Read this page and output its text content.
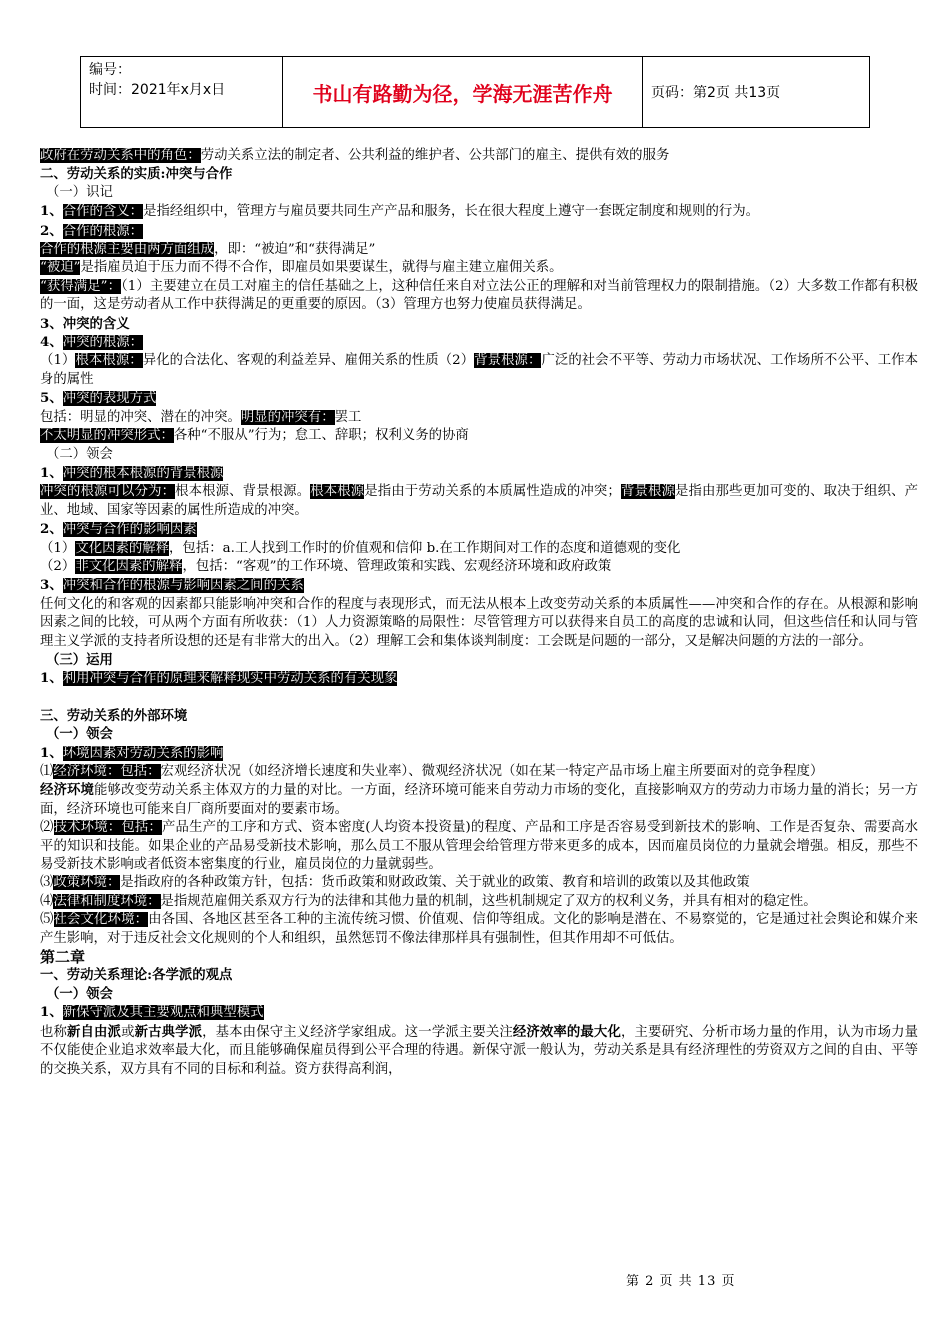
编号：
时间：2021年x月x日	书山有路勤为径，学海无涯苦作舟	页码：第2页 共13页

政府在劳动关系中的角色：劳动关系立法的制定者、公共利益的维护者、公共部门的雇主、提供有效的服务

二、劳动关系的实质:冲突与合作

（一）识记

1、合作的含义：是指经组织中，管理方与雇员要共同生产产品和服务，长在很大程度上遵守一套既定制度和规则的行为。

2、合作的根源：

合作的根源主要由两方面组成，即：“被迫”和“获得满足”

“被迫”是指雇员迫于压力而不得不合作，即雇员如果要谋生，就得与雇主建立雇佣关系。

“获得满足”：（1）主要建立在员工对雇主的信任基础之上，这种信任来自对立法公正的理解和对当前管理权力的限制措施。（2）大多数工作都有积极的一面，这是劳动者从工作中获得满足的更重要的原因。（3）管理方也努力使雇员获得满足。

3、冲突的含义

4、冲突的根源：

（1）根本根源：异化的合法化、客观的利益差异、雇佣关系的性质（2）背景根源：广泛的社会不平等、劳动力市场状况、工作场所不公平、工作本身的属性

5、冲突的表现方式

包括：明显的冲突、潜在的冲突。明显的冲突有：罢工

不太明显的冲突形式：各种“不服从”行为；怠工、辞职；权利义务的协商

（二）领会

1、冲突的根本根源的背景根源

冲突的根源可以分为：根本根源、背景根源。根本根源是指由于劳动关系的本质属性造成的冲突；背景根源是指由那些更加可变的、取决于组织、产业、地域、国家等因素的属性所造成的冲突。

2、冲突与合作的影响因素

（1）文化因素的解释，包括：a.工人找到工作时的价值观和信仰 b.在工作期间对工作的态度和道德观的变化

（2）非文化因素的解释，包括：“客观”的工作环境、管理政策和实践、宏观经济环境和政府政策

3、冲突和合作的根源与影响因素之间的关系

任何文化的和客观的因素都只能影响冲突和合作的程度与表现形式，而无法从根本上改变劳动关系的本质属性——冲突和合作的存在。从根源和影响因素之间的比较，可从两个方面有所收获：（1）人力资源策略的局限性：尽管管理方可以获得来自员工的高度的忠诚和认同，但这些信任和认同与管理主义学派的支持者所设想的还是有非常大的出入。（2）理解工会和集体谈判制度：工会既是问题的一部分，又是解决问题的方法的一部分。

（三）运用

1、利用冲突与合作的原理来解释现实中劳动关系的有关现象

三、劳动关系的外部环境

（一）领会

1、环境因素对劳动关系的影响

⑴经济环境：包括：宏观经济状况（如经济增长速度和失业率）、微观经济状况（如在某一特定产品市场上雇主所要面对的竞争程度）

经济环境能够改变劳动关系主体双方的力量的对比。一方面，经济环境可能来自劳动力市场的变化，直接影响双方的劳动力市场力量的消长；另一方面，经济环境也可能来自厂商所要面对的要素市场。

⑵技术环境：包括：产品生产的工序和方式、资本密度(人均资本投资量)的程度、产品和工序是否容易受到新技术的影响、工作是否复杂、需要高水平的知识和技能。如果企业的产品易受新技术影响，那么员工不服从管理会给管理方带来更多的成本，因而雇员岗位的力量就会增强。相反，那些不易受新技术影响或者低资本密集度的行业，雇员岗位的力量就弱些。

⑶政策环境：是指政府的各种政策方针，包括：货币政策和财政政策、关于就业的政策、教育和培训的政策以及其他政策

⑷法律和制度环境：是指规范雇佣关系双方行为的法律和其他力量的机制，这些机制规定了双方的权利义务，并具有相对的稳定性。

⑸社会文化环境：由各国、各地区甚至各工种的主流传统习惯、价值观、信仰等组成。文化的影响是潜在、不易察觉的，它是通过社会舆论和媒介来产生影响，对于违反社会文化规则的个人和组织，虽然惩罚不像法律那样具有强制性，但其作用却不可低估。

第二章

一、劳动关系理论:各学派的观点

（一）领会

1、新保守派及其主要观点和典型模式

也称新自由派或新古典学派，基本由保守主义经济学家组成。这一学派主要关注经济效率的最大化，主要研究、分析市场力量的作用，认为市场力量不仅能使企业追求效率最大化，而且能够确保雇员得到公平合理的待遇。新保守派一般认为，劳动关系是具有经济理性的劳资双方之间的自由、平等的交换关系，双方具有不同的目标和利益。资方获得高利润，

第 2 页 共 13 页
